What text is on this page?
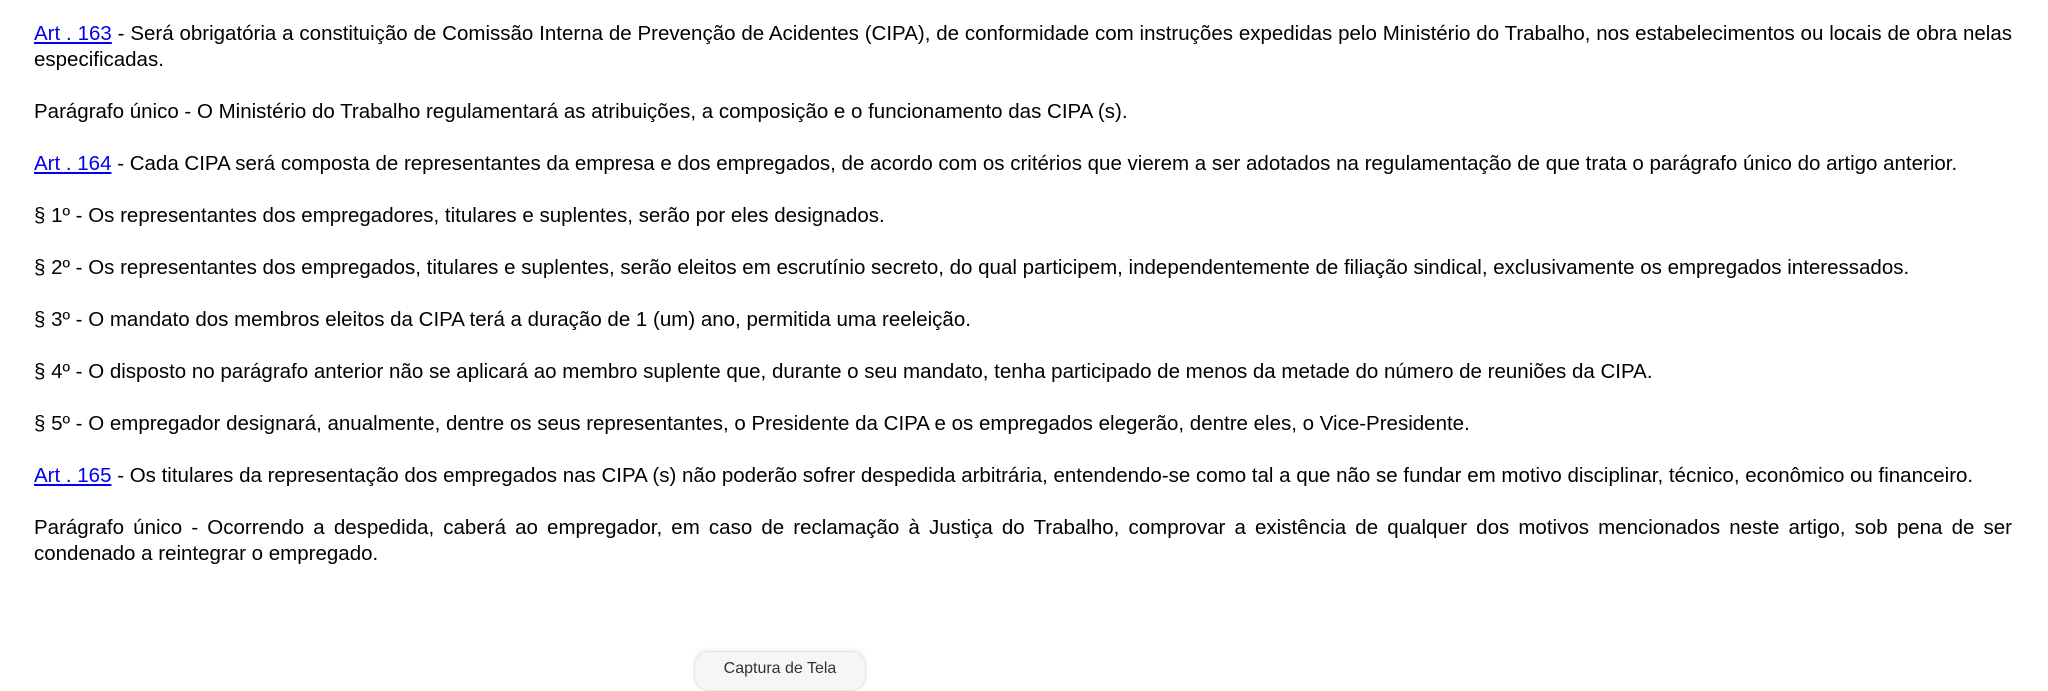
Art . 163 - Será obrigatória a constituição de Comissão Interna de Prevenção de Acidentes (CIPA), de conformidade com instruções expedidas pelo Ministério do Trabalho, nos estabelecimentos ou locais de obra nelas especificadas.

Parágrafo único - O Ministério do Trabalho regulamentará as atribuições, a composição e o funcionamento das CIPA (s).

Art . 164 - Cada CIPA será composta de representantes da empresa e dos empregados, de acordo com os critérios que vierem a ser adotados na regulamentação de que trata o parágrafo único do artigo anterior.

§ 1º - Os representantes dos empregadores, titulares e suplentes, serão por eles designados.

§ 2º - Os representantes dos empregados, titulares e suplentes, serão eleitos em escrutínio secreto, do qual participem, independentemente de filiação sindical, exclusivamente os empregados interessados.

§ 3º - O mandato dos membros eleitos da CIPA terá a duração de 1 (um) ano, permitida uma reeleição.

§ 4º - O disposto no parágrafo anterior não se aplicará ao membro suplente que, durante o seu mandato, tenha participado de menos da metade do número de reuniões da CIPA.

§ 5º - O empregador designará, anualmente, dentre os seus representantes, o Presidente da CIPA e os empregados elegerão, dentre eles, o Vice-Presidente.

Art . 165 - Os titulares da representação dos empregados nas CIPA (s) não poderão sofrer despedida arbitrária, entendendo-se como tal a que não se fundar em motivo disciplinar, técnico, econômico ou financeiro.

Parágrafo único - Ocorrendo a despedida, caberá ao empregador, em caso de reclamação à Justiça do Trabalho, comprovar a existência de qualquer dos motivos mencionados neste artigo, sob pena de ser condenado a reintegrar o empregado.

Captura de Tela
